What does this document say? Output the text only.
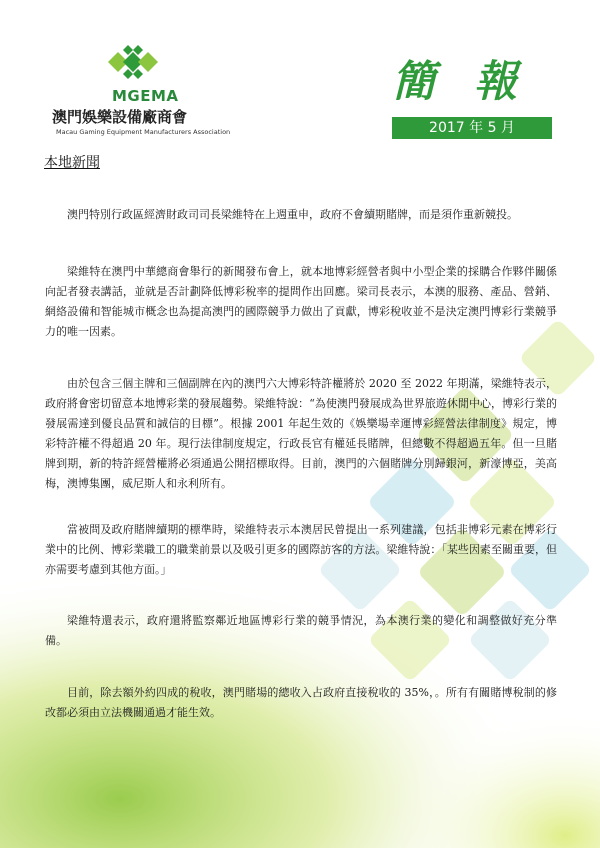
MGEMA
澳門娛樂設備廠商會
Macau Gaming Equipment Manufacturers Association
簡 報
2017 年 5 月
本地新聞

澳門特別行政區經濟財政司司長梁維特在上週重申，政府不會續期賭牌，而是須作重新競投。

梁維特在澳門中華總商會舉行的新聞發布會上，就本地博彩經營者與中小型企業的採購合作夥伴關係向記者發表講話，並就是否計劃降低博彩稅率的提問作出回應。梁司長表示，本澳的服務、產品、營銷、網絡設備和智能城市概念也為提高澳門的國際競爭力做出了貢獻，博彩稅收並不是決定澳門博彩行業競爭力的唯一因素。

由於包含三個主牌和三個副牌在內的澳門六大博彩特許權將於 2020 至 2022 年期滿，梁維特表示，政府將會密切留意本地博彩業的發展趨勢。梁維特說：“為使澳門發展成為世界旅遊休閒中心，博彩行業的發展需達到優良品質和誠信的目標”。根據 2001 年起生效的《娛樂場幸運博彩經營法律制度》規定，博彩特許權不得超過 20 年。現行法律制度規定，行政長官有權延長賭牌，但總數不得超過五年。但一旦賭牌到期，新的特許經營權將必須通過公開招標取得。目前，澳門的六個賭牌分別歸銀河，新濠博亞，美高梅，澳博集團，威尼斯人和永利所有。

當被問及政府賭牌續期的標準時，梁維特表示本澳居民曾提出一系列建議，包括非博彩元素在博彩行業中的比例、博彩業職工的職業前景以及吸引更多的國際訪客的方法。梁維特說：「某些因素至關重要，但亦需要考慮到其他方面。」

梁維特還表示，政府還將監察鄰近地區博彩行業的競爭情況，為本澳行業的變化和調整做好充分準備。

目前，除去額外約四成的稅收，澳門賭場的總收入占政府直接稅收的 35%，。所有有關賭博稅制的修改都必須由立法機關通過才能生效。
